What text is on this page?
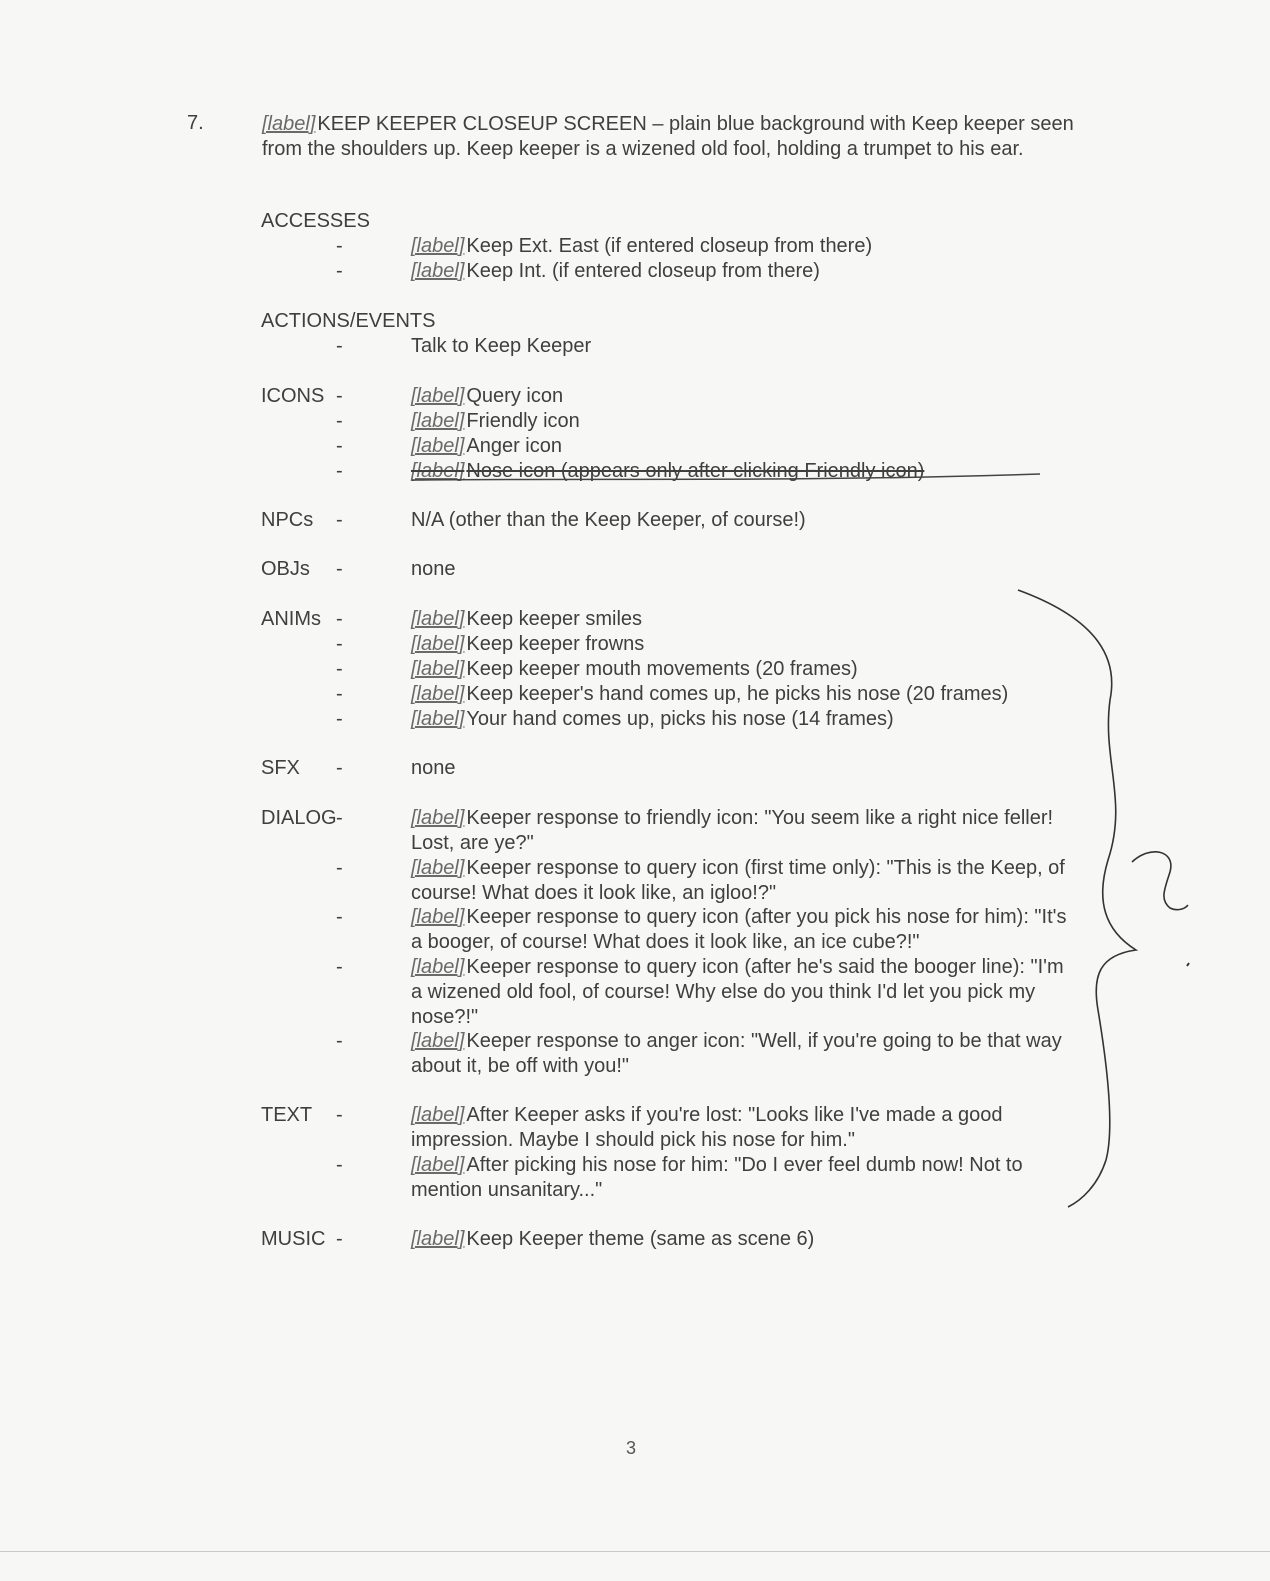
7.	[label] KEEP KEEPER CLOSEUP SCREEN – plain blue background with Keep keeper seen from the shoulders up. Keep keeper is a wizened old fool, holding a trumpet to his ear.
ACCESSES
-	[label] Keep Ext. East (if entered closeup from there)
-	[label] Keep Int. (if entered closeup from there)
ACTIONS/EVENTS
-	Talk to Keep Keeper
ICONS -	[label] Query icon
-	[label] Friendly icon
-	[label] Anger icon
-	[label] Nose icon (appears only after clicking Friendly icon)
NPCs -	N/A (other than the Keep Keeper, of course!)
OBJs -	none
ANIMs -	[label] Keep keeper smiles
-	[label] Keep keeper frowns
-	[label] Keep keeper mouth movements (20 frames)
-	[label] Keep keeper's hand comes up, he picks his nose (20 frames)
-	[label] Your hand comes up, picks his nose (14 frames)
SFX -	none
DIALOG -	[label] Keeper response to friendly icon: "You seem like a right nice feller! Lost, are ye?"
-	[label] Keeper response to query icon (first time only): "This is the Keep, of course! What does it look like, an igloo!?"
-	[label] Keeper response to query icon (after you pick his nose for him): "It's a booger, of course! What does it look like, an ice cube?!"
-	[label] Keeper response to query icon (after he's said the booger line): "I'm a wizened old fool, of course! Why else do you think I'd let you pick my nose?!"
-	[label] Keeper response to anger icon: "Well, if you're going to be that way about it, be off with you!"
TEXT -	[label] After Keeper asks if you're lost: "Looks like I've made a good impression. Maybe I should pick his nose for him."
-	[label] After picking his nose for him: "Do I ever feel dumb now! Not to mention unsanitary..."
MUSIC -	[label] Keep Keeper theme (same as scene 6)
3
